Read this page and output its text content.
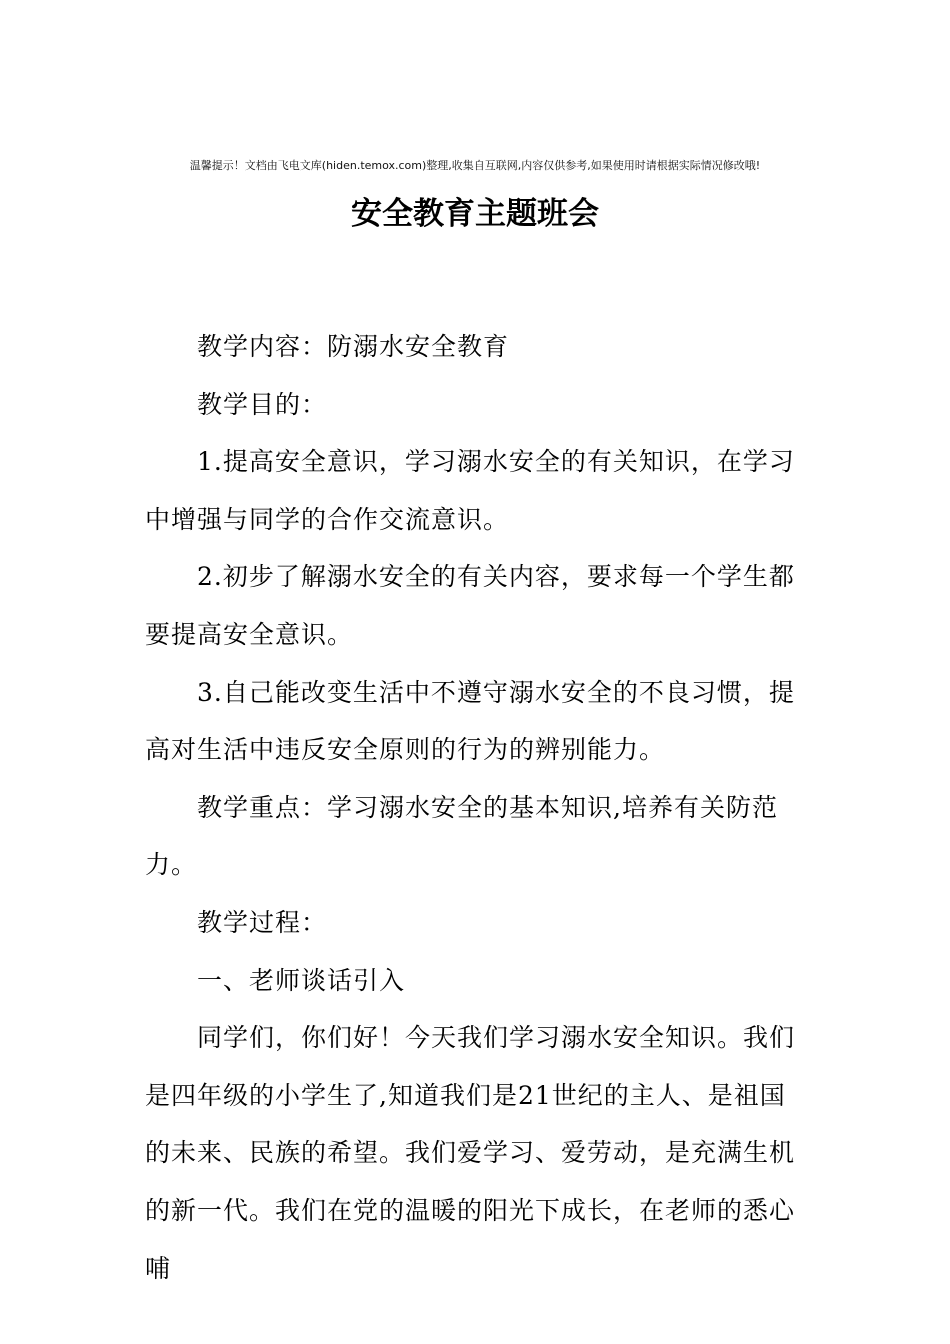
温馨提示！文档由飞电文库(hiden.temox.com)整理,收集自互联网,内容仅供参考,如果使用时请根据实际情况修改哦!
安全教育主题班会

教学内容：防溺水安全教育

教学目的：

1.提高安全意识，学习溺水安全的有关知识，在学习中增强与同学的合作交流意识。

2.初步了解溺水安全的有关内容，要求每一个学生都要提高安全意识。

3.自己能改变生活中不遵守溺水安全的不良习惯，提高对生活中违反安全原则的行为的辨别能力。

教学重点：学习溺水安全的基本知识,培养有关防范力。

教学过程：

一、老师谈话引入

同学们，你们好！今天我们学习溺水安全知识。我们是四年级的小学生了,知道我们是21世纪的主人、是祖国的未来、民族的希望。我们爱学习、爱劳动，是充满生机的新一代。我们在党的温暖的阳光下成长，在老师的悉心哺
